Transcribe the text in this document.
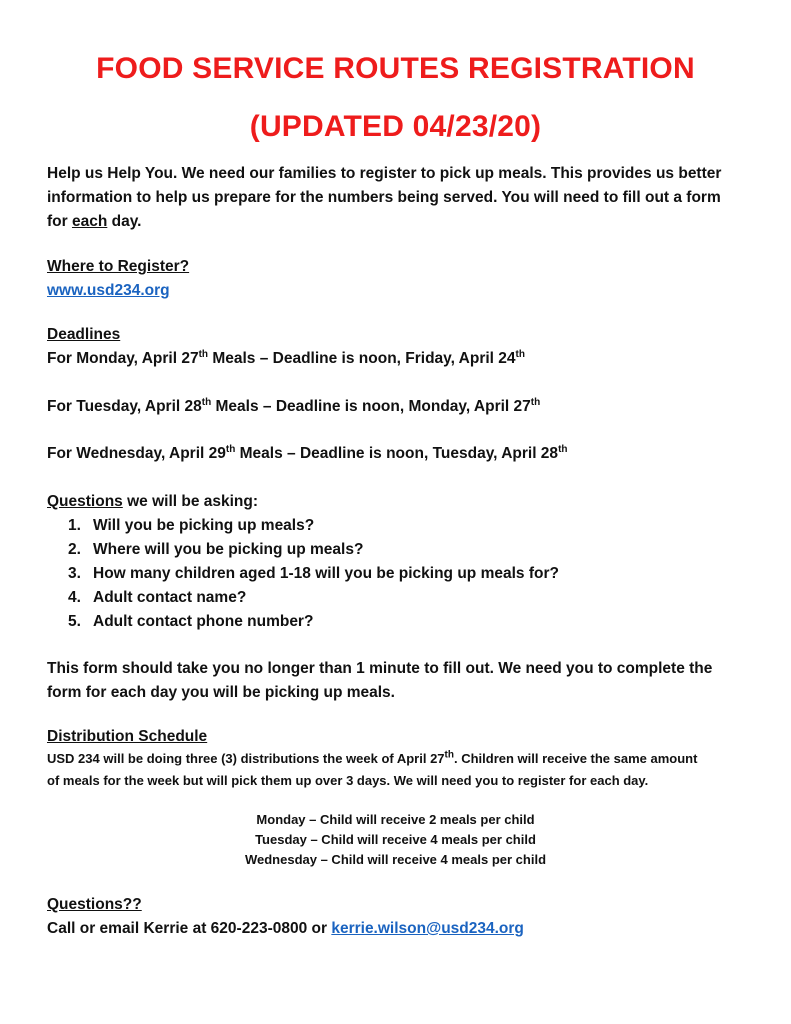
FOOD SERVICE ROUTES REGISTRATION
(UPDATED 04/23/20)
Help us Help You. We need our families to register to pick up meals. This provides us better
information to help us prepare for the numbers being served. You will need to fill out a form
for each day.
Where to Register?
www.usd234.org
Deadlines
For Monday, April 27th Meals – Deadline is noon, Friday, April 24th
For Tuesday, April 28th Meals – Deadline is noon, Monday, April 27th
For Wednesday, April 29th Meals – Deadline is noon, Tuesday, April 28th
Questions we will be asking:
1. Will you be picking up meals?
2. Where will you be picking up meals?
3. How many children aged 1-18 will you be picking up meals for?
4. Adult contact name?
5. Adult contact phone number?
This form should take you no longer than 1 minute to fill out. We need you to complete the
form for each day you will be picking up meals.
Distribution Schedule
USD 234 will be doing three (3) distributions the week of April 27th. Children will receive the same amount
of meals for the week but will pick them up over 3 days. We will need you to register for each day.
Monday – Child will receive 2 meals per child
Tuesday – Child will receive 4 meals per child
Wednesday – Child will receive 4 meals per child
Questions??
Call or email Kerrie at 620-223-0800 or kerrie.wilson@usd234.org
